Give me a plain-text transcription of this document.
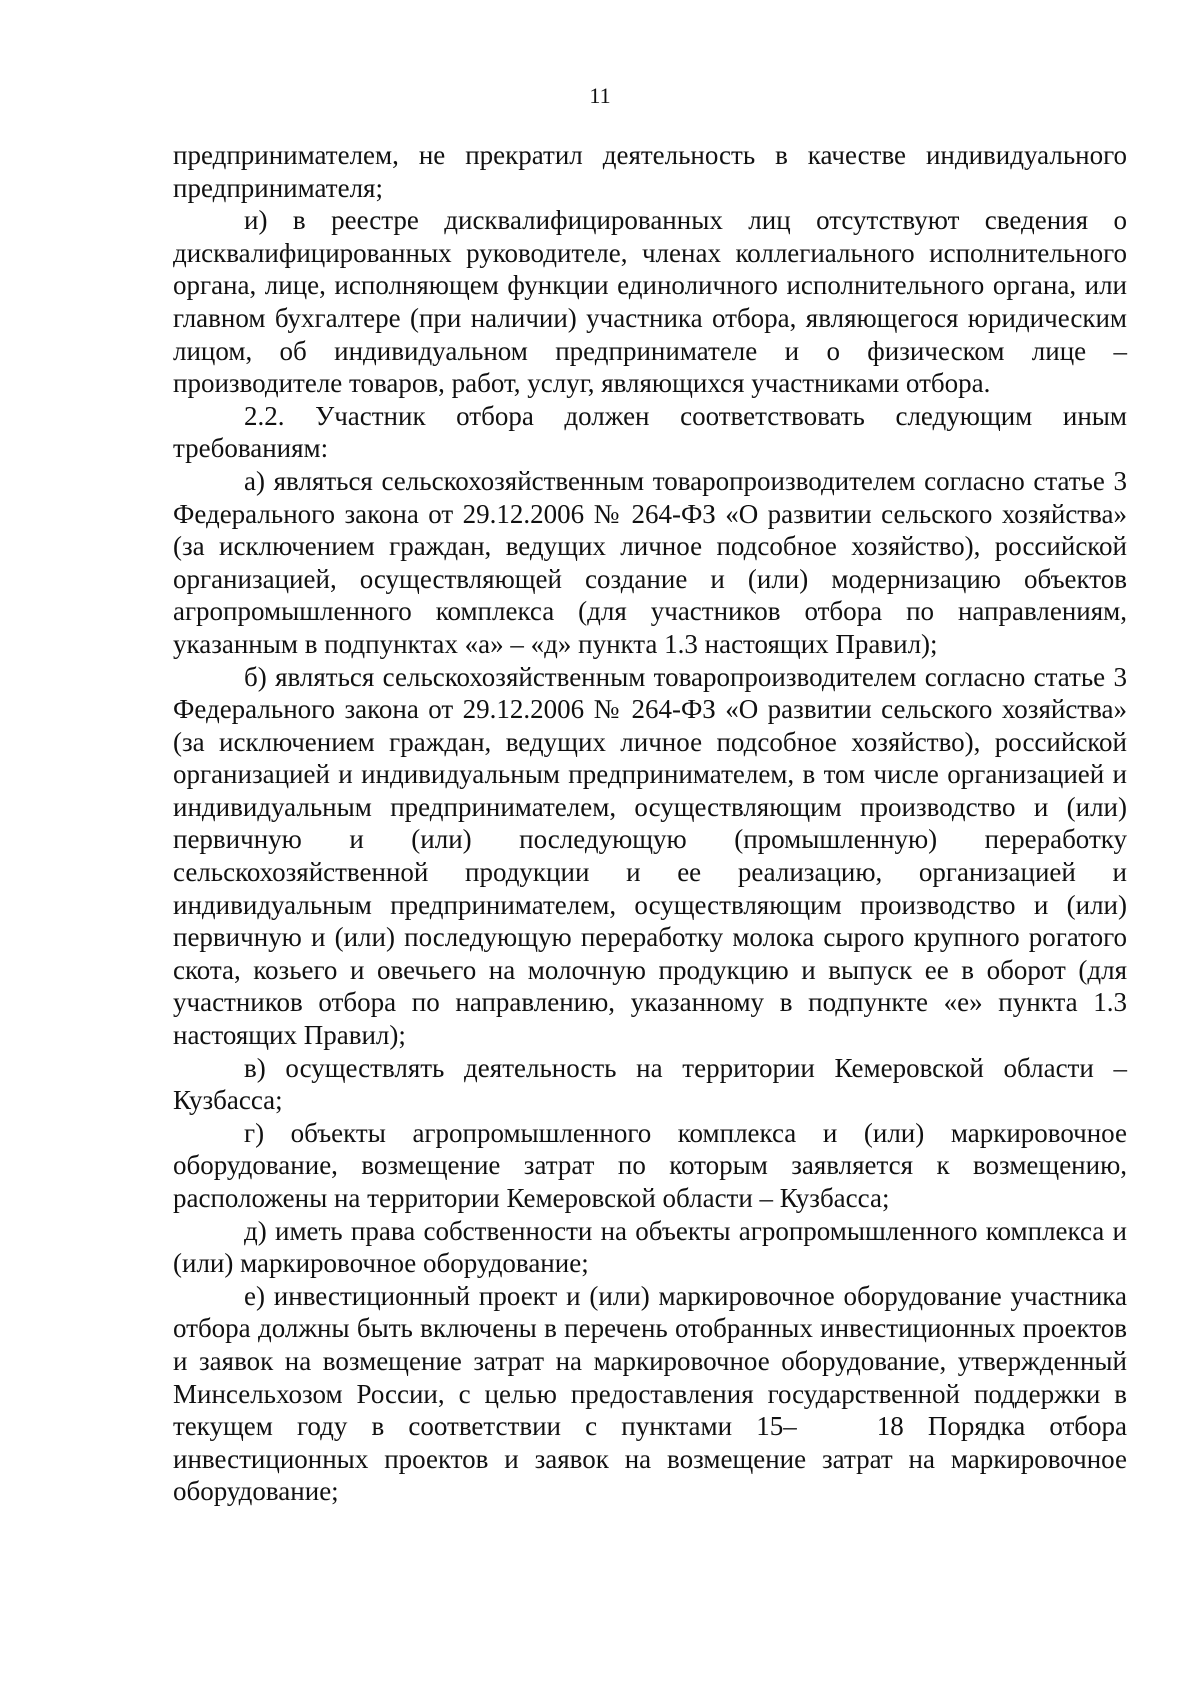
11

предпринимателем, не прекратил деятельность в качестве индивидуального предпринимателя;

и) в реестре дисквалифицированных лиц отсутствуют сведения о дисквалифицированных руководителе, членах коллегиального исполнительного органа, лице, исполняющем функции единоличного исполнительного органа, или главном бухгалтере (при наличии) участника отбора, являющегося юридическим лицом, об индивидуальном предпринимателе и о физическом лице – производителе товаров, работ, услуг, являющихся участниками отбора.

2.2. Участник отбора должен соответствовать следующим иным требованиям:

а) являться сельскохозяйственным товаропроизводителем согласно статье 3 Федерального закона от 29.12.2006 № 264-ФЗ «О развитии сельского хозяйства» (за исключением граждан, ведущих личное подсобное хозяйство), российской организацией, осуществляющей создание и (или) модернизацию объектов агропромышленного комплекса (для участников отбора по направлениям, указанным в подпунктах «а» – «д» пункта 1.3 настоящих Правил);

б) являться сельскохозяйственным товаропроизводителем согласно статье 3 Федерального закона от 29.12.2006 № 264-ФЗ «О развитии сельского хозяйства» (за исключением граждан, ведущих личное подсобное хозяйство), российской организацией и индивидуальным предпринимателем, в том числе организацией и индивидуальным предпринимателем, осуществляющим производство и (или) первичную и (или) последующую (промышленную) переработку сельскохозяйственной продукции и ее реализацию, организацией и индивидуальным предпринимателем, осуществляющим производство и (или) первичную и (или) последующую переработку молока сырого крупного рогатого скота, козьего и овечьего на молочную продукцию и выпуск ее в оборот (для участников отбора по направлению, указанному в подпункте «е» пункта 1.3 настоящих Правил);

в) осуществлять деятельность на территории Кемеровской области – Кузбасса;

г) объекты агропромышленного комплекса и (или) маркировочное оборудование, возмещение затрат по которым заявляется к возмещению, расположены на территории Кемеровской области – Кузбасса;

д) иметь права собственности на объекты агропромышленного комплекса и (или) маркировочное оборудование;

е) инвестиционный проект и (или) маркировочное оборудование участника отбора должны быть включены в перечень отобранных инвестиционных проектов и заявок на возмещение затрат на маркировочное оборудование, утвержденный Минсельхозом России, с целью предоставления государственной поддержки в текущем году в соответствии с пунктами 15–	18 Порядка отбора инвестиционных проектов и заявок на возмещение затрат на маркировочное оборудование;
